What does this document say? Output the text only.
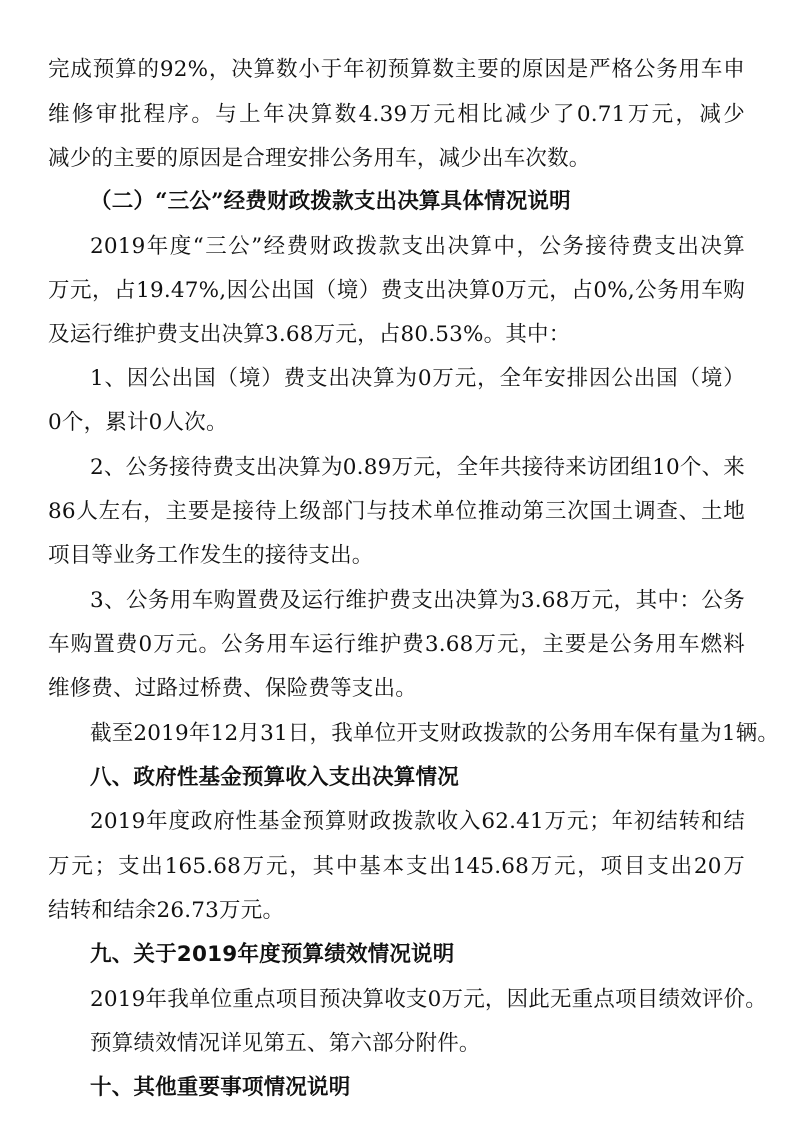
完成预算的92%，决算数小于年初预算数主要的原因是严格公务用车申
维修审批程序。与上年决算数4.39万元相比减少了0.71万元，减少
减少的主要的原因是合理安排公务用车，减少出车次数。
（二）“三公”经费财政拨款支出决算具体情况说明
2019年度“三公”经费财政拨款支出决算中，公务接待费支出决算
万元，占19.47%,因公出国（境）费支出决算0万元，占0%,公务用车购
及运行维护费支出决算3.68万元，占80.53%。其中：
1、因公出国（境）费支出决算为0万元，全年安排因公出国（境）
0个，累计0人次。
2、公务接待费支出决算为0.89万元，全年共接待来访团组10个、来
86人左右，主要是接待上级部门与技术单位推动第三次国土调查、土地
项目等业务工作发生的接待支出。
3、公务用车购置费及运行维护费支出决算为3.68万元，其中：公务
车购置费0万元。公务用车运行维护费3.68万元，主要是公务用车燃料
维修费、过路过桥费、保险费等支出。
截至2019年12月31日，我单位开支财政拨款的公务用车保有量为1辆。
八、政府性基金预算收入支出决算情况
2019年度政府性基金预算财政拨款收入62.41万元；年初结转和结
万元；支出165.68万元，其中基本支出145.68万元，项目支出20万
结转和结余26.73万元。
九、关于2019年度预算绩效情况说明
2019年我单位重点项目预决算收支0万元，因此无重点项目绩效评价。
预算绩效情况详见第五、第六部分附件。
十、其他重要事项情况说明
